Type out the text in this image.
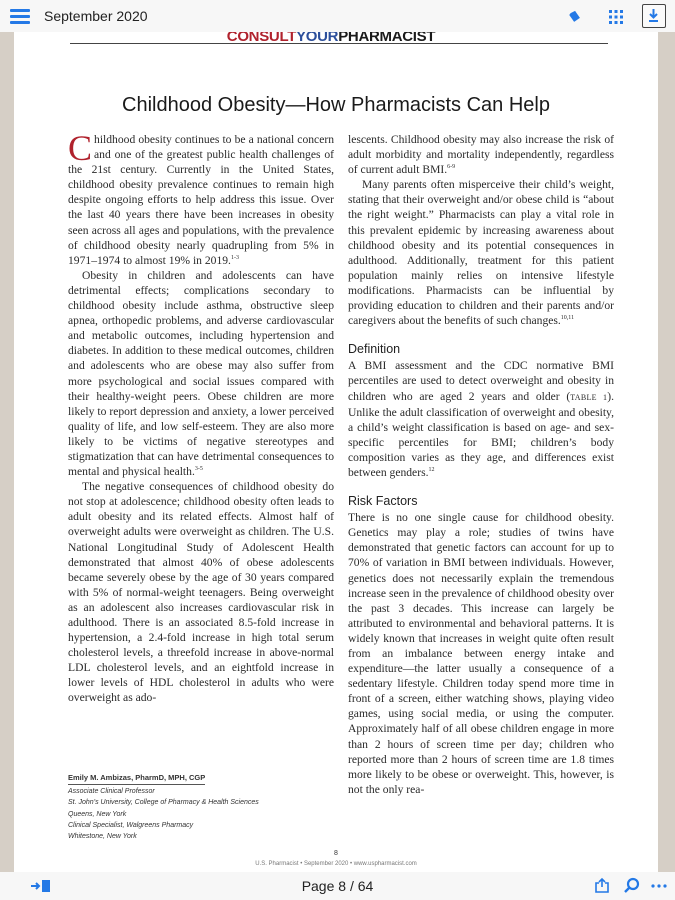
September 2020
CONSULTYOURPHARMACIST
Childhood Obesity—How Pharmacists Can Help

Childhood obesity continues to be a national concern and one of the greatest public health challenges of the 21st century. Currently in the United States, childhood obesity prevalence continues to remain high despite ongoing efforts to help address this issue. Over the last 40 years there have been increases in obesity seen across all ages and populations, with the prevalence of childhood obesity nearly quadrupling from 5% in 1971–1974 to almost 19% in 2019.$^{1-3}$

Obesity in children and adolescents can have detrimental effects; complications secondary to childhood obesity include asthma, obstructive sleep apnea, orthopedic problems, and adverse cardiovascular and metabolic outcomes, including hypertension and diabetes. In addition to these medical outcomes, children and adolescents who are obese may also suffer from more psychological and social issues compared with their healthy-weight peers. Obese children are more likely to report depression and anxiety, a lower perceived quality of life, and low self-esteem. They are also more likely to be victims of negative stereotypes and stigmatization that can have detrimental consequences to mental and physical health.$^{3-5}$

The negative consequences of childhood obesity do not stop at adolescence; childhood obesity often leads to adult obesity and its related effects. Almost half of overweight adults were overweight as children. The U.S. National Longitudinal Study of Adolescent Health demonstrated that almost 40% of obese adolescents became severely obese by the age of 30 years compared with 5% of normal-weight teenagers. Being overweight as an adolescent also increases cardiovascular risk in adulthood. There is an associated 8.5-fold increase in hypertension, a 2.4-fold increase in high total serum cholesterol levels, a threefold increase in above-normal LDL cholesterol levels, and an eightfold increase in lower levels of HDL cholesterol in adults who were overweight as ado-

lescents. Childhood obesity may also increase the risk of adult morbidity and mortality independently, regardless of current adult BMI.$^{6-9}$

Many parents often misperceive their child’s weight, stating that their overweight and/or obese child is “about the right weight.” Pharmacists can play a vital role in this prevalent epidemic by increasing awareness about childhood obesity and its potential consequences in adulthood. Additionally, treatment for this patient population mainly relies on intensive lifestyle modifications. Pharmacists can be influential by providing education to children and their parents and/or caregivers about the benefits of such changes.$^{10,11}$

Definition

A BMI assessment and the CDC normative BMI percentiles are used to detect overweight and obesity in children who are aged 2 years and older (TABLE 1). Unlike the adult classification of overweight and obesity, a child’s weight classification is based on age- and sex-specific percentiles for BMI; children’s body composition varies as they age, and differences exist between genders.$^{12}$

Risk Factors

There is no one single cause for childhood obesity. Genetics may play a role; studies of twins have demonstrated that genetic factors can account for up to 70% of variation in BMI between individuals. However, genetics does not necessarily explain the tremendous increase seen in the prevalence of childhood obesity over the past 3 decades. This increase can largely be attributed to environmental and behavioral patterns. It is widely known that increases in weight quite often result from an imbalance between energy intake and expenditure—the latter usually a consequence of a sedentary lifestyle. Children today spend more time in front of a screen, either watching shows, playing video games, using social media, or using the computer. Approximately half of all obese children engage in more than 2 hours of screen time per day; children who reported more than 2 hours of screen time are 1.8 times more likely to be obese or overweight. This, however, is not the only rea-

Emily M. Ambizas, PharmD, MPH, CGP
Associate Clinical Professor
St. John’s University, College of Pharmacy & Health Sciences
Queens, New York
Clinical Specialist, Walgreens Pharmacy
Whitestone, New York
8
U.S. Pharmacist • September 2020 • www.uspharmacist.com
Page 8 / 64
